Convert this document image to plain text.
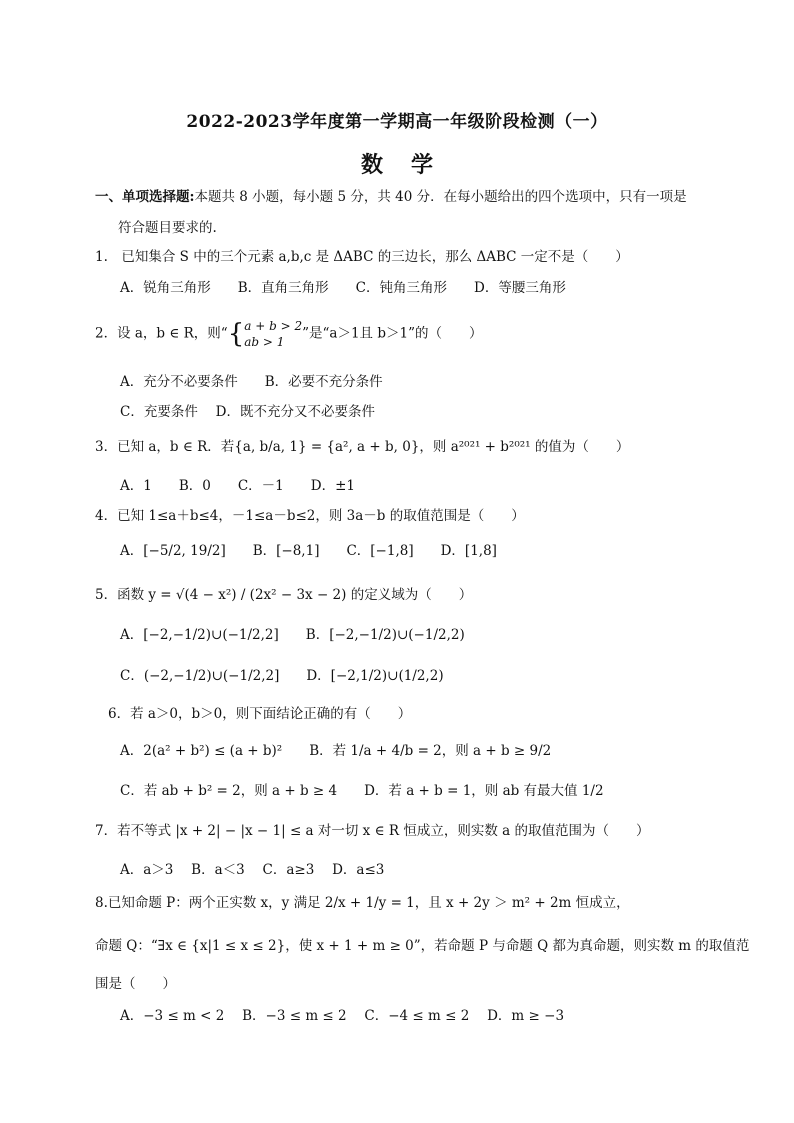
2022-2023学年度第一学期高一年级阶段检测（一）
数学
一、单项选择题:本题共 8 小题，每小题 5 分，共 40 分．在每小题给出的四个选项中，只有一项是
符合题目要求的.
1.　已知集合 S 中的三个元素 a,b,c 是 ΔABC 的三边长，那么 ΔABC 一定不是（　　）
A．锐角三角形　　B．直角三角形　　C．钝角三角形　　D．等腰三角形
2．设 a，b ∈ R，则“{ a + b > 2
ab > 1
”是“a＞1且 b＞1”的（　　）
A．充分不必要条件　　B．必要不充分条件
C．充要条件　 D．既不充分又不必要条件
3．已知 a，b ∈ R．若{a, b/a, 1} = {a², a + b, 0}，则 a²⁰²¹ + b²⁰²¹ 的值为（　　）
A．1　　B．0　　C．－1　　D．±1
4．已知 1≤a＋b≤4，－1≤a－b≤2，则 3a－b 的取值范围是（　　）
A．[−5/2, 19/2]　　B．[−8,1]　　C．[−1,8]　　D．[1,8]
5．函数 y = √(4 − x²) / (2x² − 3x − 2) 的定义域为（　　）
A．[−2,−1/2)∪(−1/2,2]　　B．[−2,−1/2)∪(−1/2,2)
C．(−2,−1/2)∪(−1/2,2]　　D．[−2,1/2)∪(1/2,2)
6．若 a＞0，b＞0，则下面结论正确的有（　　）
A．2(a² + b²) ≤ (a + b)²　　B．若 1/a + 4/b = 2，则 a + b ≥ 9/2
C．若 ab + b² = 2，则 a + b ≥ 4　　D．若 a + b = 1，则 ab 有最大值 1/2
7．若不等式 |x + 2| − |x − 1| ≤ a 对一切 x ∈ R 恒成立，则实数 a 的取值范围为（　　）
A．a＞3　 B．a＜3　 C．a≥3　 D．a≤3
8.已知命题 P：两个正实数 x，y 满足 2/x + 1/y = 1，且 x + 2y ＞ m² + 2m 恒成立，
命题 Q：“∃x ∈ {x|1 ≤ x ≤ 2}，使 x + 1 + m ≥ 0”，若命题 P 与命题 Q 都为真命题，则实数 m 的取值范
围是（　　）
A．−3 ≤ m < 2　 B．−3 ≤ m ≤ 2　 C．−4 ≤ m ≤ 2　 D．m ≥ −3
